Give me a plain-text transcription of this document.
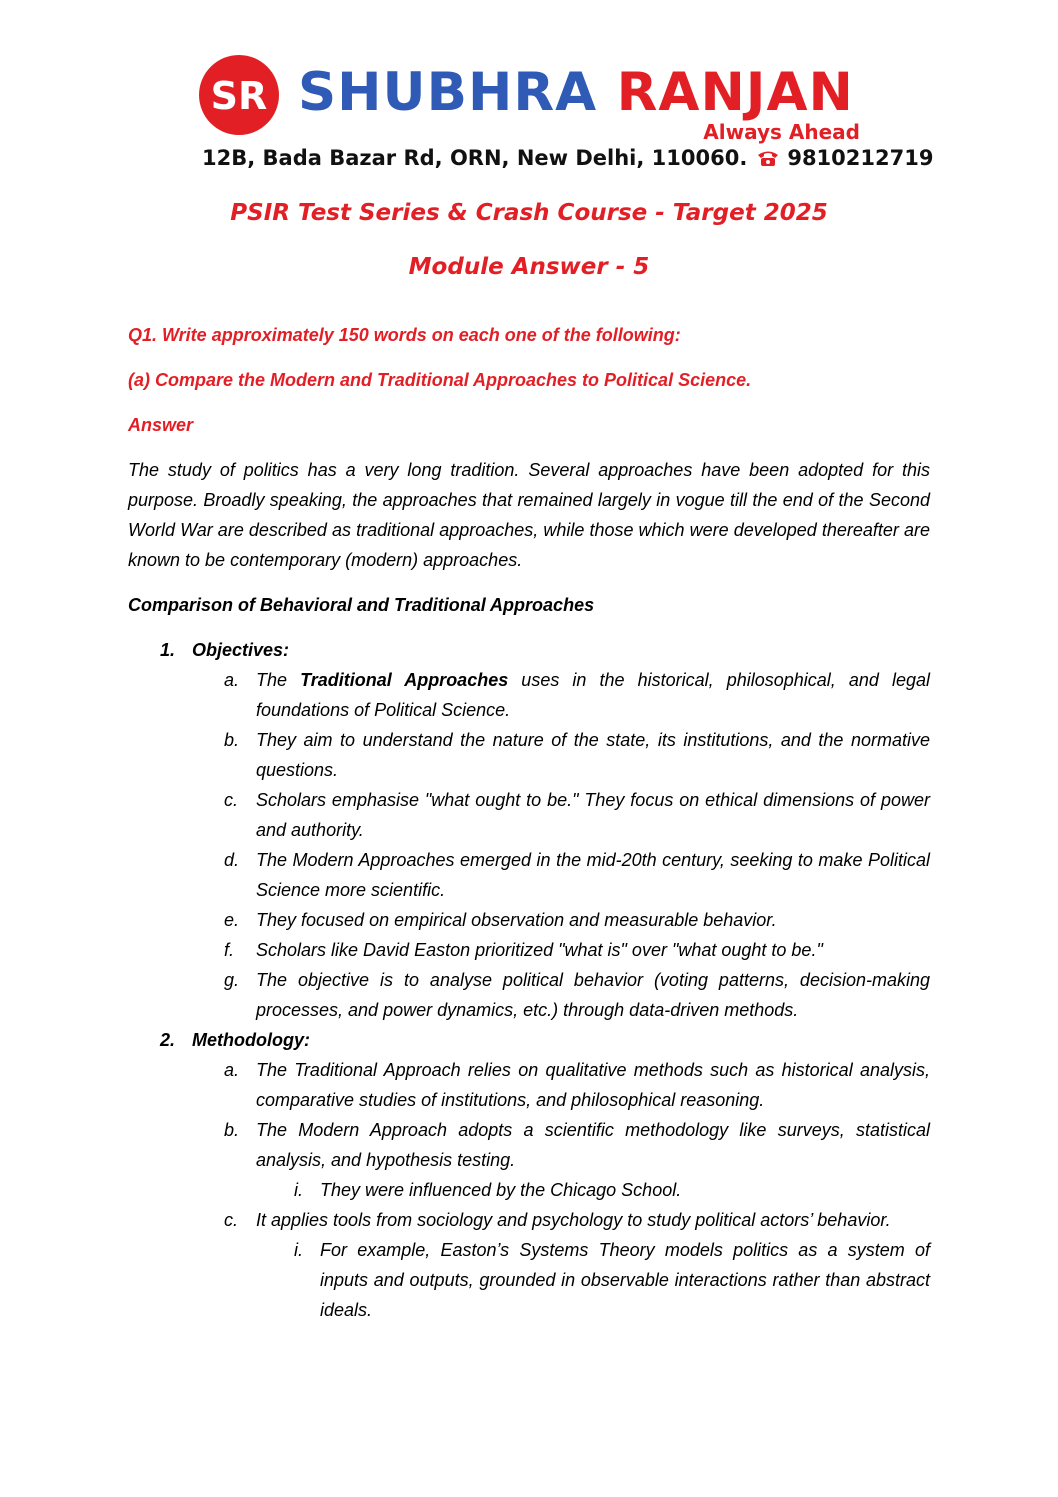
SR SHUBHRA RANJAN
Always Ahead
12B, Bada Bazar Rd, ORN, New Delhi, 110060. 9810212719
PSIR Test Series & Crash Course - Target 2025
Module Answer - 5

Q1. Write approximately 150 words on each one of the following:

(a) Compare the Modern and Traditional Approaches to Political Science.

Answer

The study of politics has a very long tradition. Several approaches have been adopted for this purpose. Broadly speaking, the approaches that remained largely in vogue till the end of the Second World War are described as traditional approaches, while those which were developed thereafter are known to be contemporary (modern) approaches.

Comparison of Behavioral and Traditional Approaches

1. Objectives:
a. The Traditional Approaches uses in the historical, philosophical, and legal foundations of Political Science.
b. They aim to understand the nature of the state, its institutions, and the normative questions.
c. Scholars emphasise "what ought to be." They focus on ethical dimensions of power and authority.
d. The Modern Approaches emerged in the mid-20th century, seeking to make Political Science more scientific.
e. They focused on empirical observation and measurable behavior.
f. Scholars like David Easton prioritized "what is" over "what ought to be."
g. The objective is to analyse political behavior (voting patterns, decision-making processes, and power dynamics, etc.) through data-driven methods.
2. Methodology:
a. The Traditional Approach relies on qualitative methods such as historical analysis, comparative studies of institutions, and philosophical reasoning.
b. The Modern Approach adopts a scientific methodology like surveys, statistical analysis, and hypothesis testing.
i. They were influenced by the Chicago School.
c. It applies tools from sociology and psychology to study political actors’ behavior.
i. For example, Easton’s Systems Theory models politics as a system of inputs and outputs, grounded in observable interactions rather than abstract ideals.
